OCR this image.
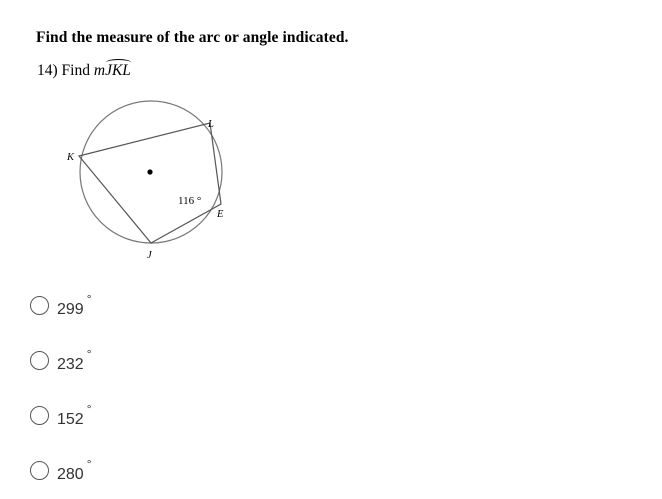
Find the measure of the arc or angle indicated.
14) Find mJKL
K
L
E
J
116 °
299
°
232
°
152
°
280
°
